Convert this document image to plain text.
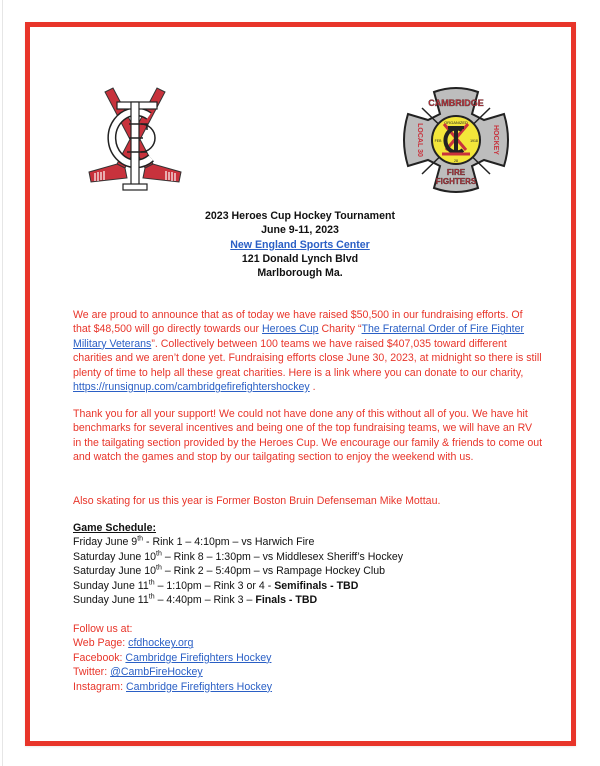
CAMBRIDGE
LOCAL 30	HOCKEY
ORGANIZED
FEB	1918
28
FIRE
FIGHTERS
2023 Heroes Cup Hockey Tournament
June 9-11, 2023
New England Sports Center
121 Donald Lynch Blvd
Marlborough Ma.
We are proud to announce that as of today we have raised $50,500 in our fundraising efforts. Of that $48,500 will go directly towards our Heroes Cup Charity “The Fraternal Order of Fire Fighter Military Veterans”. Collectively between 100 teams we have raised $407,035 toward different charities and we aren’t done yet. Fundraising efforts close June 30, 2023, at midnight so there is still plenty of time to help all these great charities. Here is a link where you can donate to our charity, https://runsignup.com/cambridgefirefightershockey .
Thank you for all your support! We could not have done any of this without all of you. We have hit benchmarks for several incentives and being one of the top fundraising teams, we will have an RV in the tailgating section provided by the Heroes Cup. We encourage our family & friends to come out and watch the games and stop by our tailgating section to enjoy the weekend with us.
Also skating for us this year is Former Boston Bruin Defenseman Mike Mottau.
Game Schedule:
Friday June 9th - Rink 1 – 4:10pm – vs Harwich Fire
Saturday June 10th – Rink 8 – 1:30pm – vs Middlesex Sheriff’s Hockey
Saturday June 10th – Rink 2 – 5:40pm – vs Rampage Hockey Club
Sunday June 11th – 1:10pm – Rink 3 or 4 - Semifinals - TBD
Sunday June 11th – 4:40pm – Rink 3 – Finals - TBD
Follow us at:
Web Page: cfdhockey.org
Facebook: Cambridge Firefighters Hockey
Twitter: @CambFireHockey
Instagram: Cambridge Firefighters Hockey
